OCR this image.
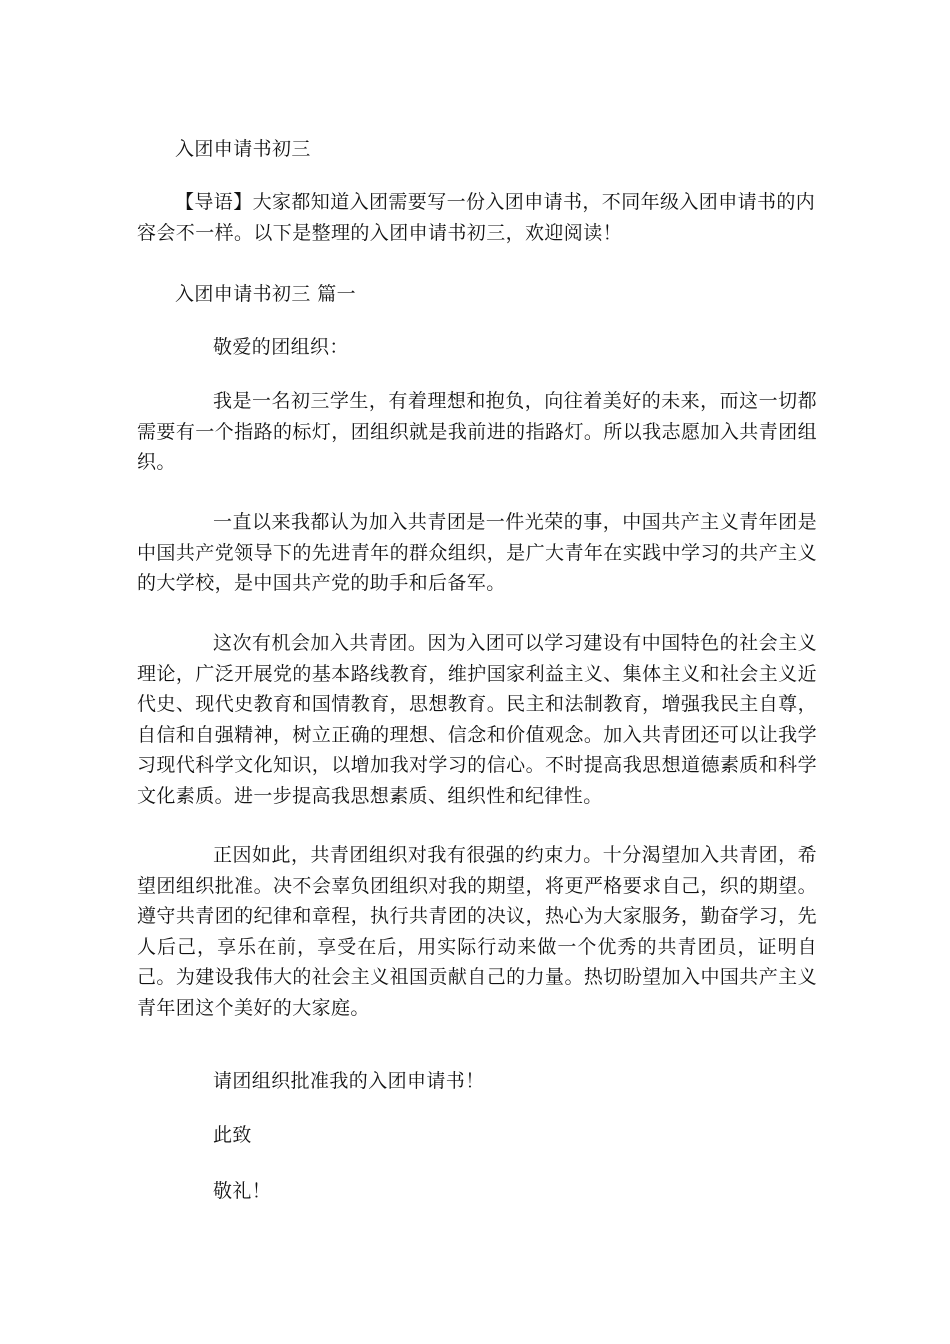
入团申请书初三
【导语】大家都知道入团需要写一份入团申请书，不同年级入团申请书的内容会不一样。以下是整理的入团申请书初三，欢迎阅读！
入团申请书初三 篇一
敬爱的团组织：
我是一名初三学生，有着理想和抱负，向往着美好的未来，而这一切都需要有一个指路的标灯，团组织就是我前进的指路灯。所以我志愿加入共青团组织。
一直以来我都认为加入共青团是一件光荣的事，中国共产主义青年团是中国共产党领导下的先进青年的群众组织，是广大青年在实践中学习的共产主义的大学校，是中国共产党的助手和后备军。
这次有机会加入共青团。因为入团可以学习建设有中国特色的社会主义理论，广泛开展党的基本路线教育，维护国家利益主义、集体主义和社会主义近代史、现代史教育和国情教育，思想教育。民主和法制教育，增强我民主自尊，自信和自强精神，树立正确的理想、信念和价值观念。加入共青团还可以让我学习现代科学文化知识，以增加我对学习的信心。不时提高我思想道德素质和科学文化素质。进一步提高我思想素质、组织性和纪律性。
正因如此，共青团组织对我有很强的约束力。十分渴望加入共青团，希望团组织批准。决不会辜负团组织对我的期望，将更严格要求自己，织的期望。遵守共青团的纪律和章程，执行共青团的决议，热心为大家服务，勤奋学习，先人后己，享乐在前，享受在后，用实际行动来做一个优秀的共青团员，证明自己。为建设我伟大的社会主义祖国贡献自己的力量。热切盼望加入中国共产主义青年团这个美好的大家庭。
请团组织批准我的入团申请书！
此致
敬礼！
